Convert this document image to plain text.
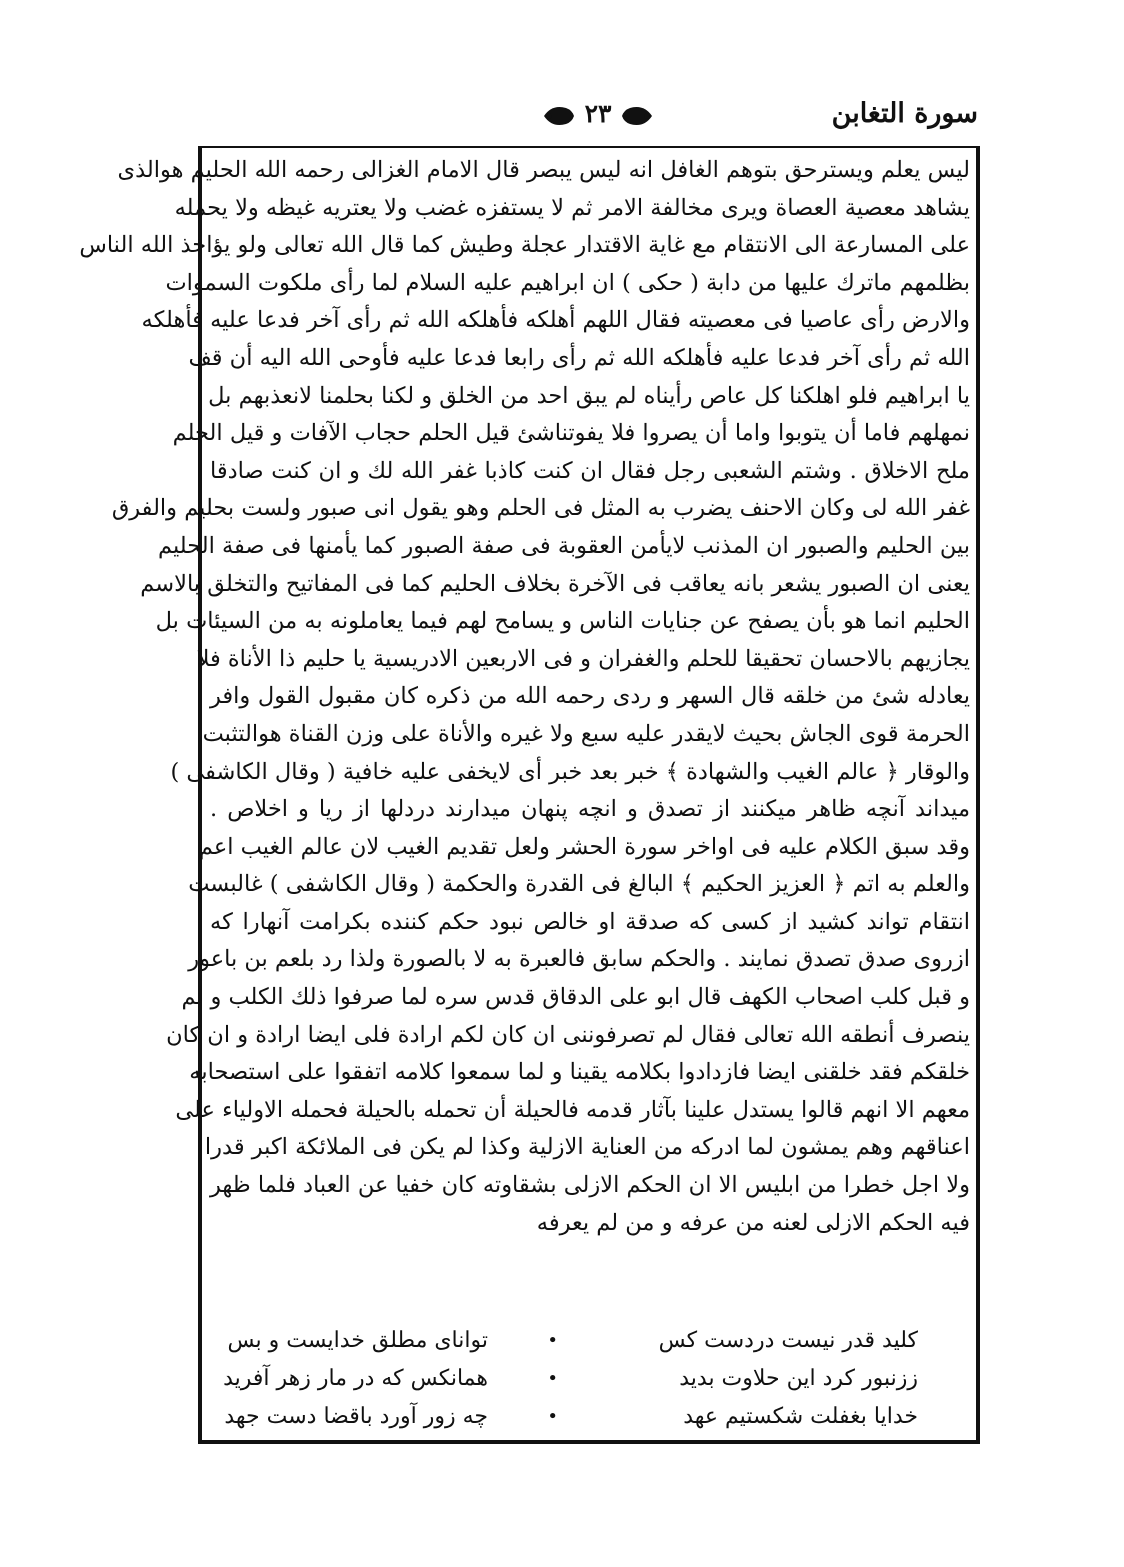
سورة التغابن
٢٣
ليس يعلم ويسترحق بتوهم الغافل انه ليس يبصر قال الامام الغزالى رحمه الله الحليم هوالذى
يشاهد معصية العصاة ويرى مخالفة الامر ثم لا يستفزه غضب ولا يعتريه غيظه ولا يحمله
على المسارعة الى الانتقام مع غاية الاقتدار عجلة وطيش كما قال الله تعالى ولو يؤاخذ الله الناس
بظلمهم ماترك عليها من دابة ( حكى ) ان ابراهيم عليه السلام لما رأى ملكوت السموات
والارض رأى عاصيا فى معصيته فقال اللهم أهلكه فأهلكه الله ثم رأى آخر فدعا عليه فأهلكه
الله ثم رأى آخر فدعا عليه فأهلكه الله ثم رأى رابعا فدعا عليه فأوحى الله اليه أن قف
يا ابراهيم فلو اهلكنا كل عاص رأيناه لم يبق احد من الخلق و لكنا بحلمنا لانعذبهم بل
نمهلهم فاما أن يتوبوا واما أن يصروا فلا يفوتناشئ قيل الحلم حجاب الآفات و قيل الحلم
ملح الاخلاق . وشتم الشعبى رجل فقال ان كنت كاذبا غفر الله لك و ان كنت صادقا
غفر الله لى وكان الاحنف يضرب به المثل فى الحلم وهو يقول انى صبور ولست بحليم والفرق
بين الحليم والصبور ان المذنب لايأمن العقوبة فى صفة الصبور كما يأمنها فى صفة الحليم
يعنى ان الصبور يشعر بانه يعاقب فى الآخرة بخلاف الحليم كما فى المفاتيح والتخلق بالاسم
الحليم انما هو بأن يصفح عن جنايات الناس و يسامح لهم فيما يعاملونه به من السيئات بل
يجازيهم بالاحسان تحقيقا للحلم والغفران و فى الاربعين الادريسية يا حليم ذا الأناة فلا
يعادله شئ من خلقه قال السهر و ردى رحمه الله من ذكره كان مقبول القول وافر
الحرمة قوى الجاش بحيث لايقدر عليه سبع ولا غيره والأناة على وزن القناة هوالتثبت
والوقار ﴿ عالم الغيب والشهادة ﴾ خبر بعد خبر أى لايخفى عليه خافية ( وقال الكاشفى )
ميداند آنچه ظاهر ميكنند از تصدق و انچه پنهان ميدارند دردلها از ريا و اخلاص .
وقد سبق الكلام عليه فى اواخر سورة الحشر ولعل تقديم الغيب لان عالم الغيب اعم
والعلم به اتم ﴿ العزيز الحكيم ﴾ البالغ فى القدرة والحكمة ( وقال الكاشفى ) غالبست
انتقام تواند كشيد از كسى كه صدقة او خالص نبود حكم كننده بكرامت آنهارا كه
ازروى صدق تصدق نمايند . والحكم سابق فالعبرة به لا بالصورة ولذا رد بلعم بن باعور
و قبل كلب اصحاب الكهف قال ابو على الدقاق قدس سره لما صرفوا ذلك الكلب و لم
ينصرف أنطقه الله تعالى فقال لم تصرفوننى ان كان لكم ارادة فلى ايضا ارادة و ان كان
خلقكم فقد خلقنى ايضا فازدادوا بكلامه يقينا و لما سمعوا كلامه اتفقوا على استصحابه
معهم الا انهم قالوا يستدل علينا بآثار قدمه فالحيلة أن تحمله بالحيلة فحمله الاولياء على
اعناقهم وهم يمشون لما ادركه من العناية الازلية وكذا لم يكن فى الملائكة اكبر قدرا
ولا اجل خطرا من ابليس الا ان الحكم الازلى بشقاوته كان خفيا عن العباد فلما ظهر
فيه الحكم الازلى لعنه من عرفه و من لم يعرفه
كليد قدر نيست دردست كس
•
تواناى مطلق خدايست و بس
ززنبور كرد اين حلاوت بديد
•
همانكس كه در مار زهر آفريد
خدايا بغفلت شكستيم عهد
•
چه زور آورد باقضا دست جهد
